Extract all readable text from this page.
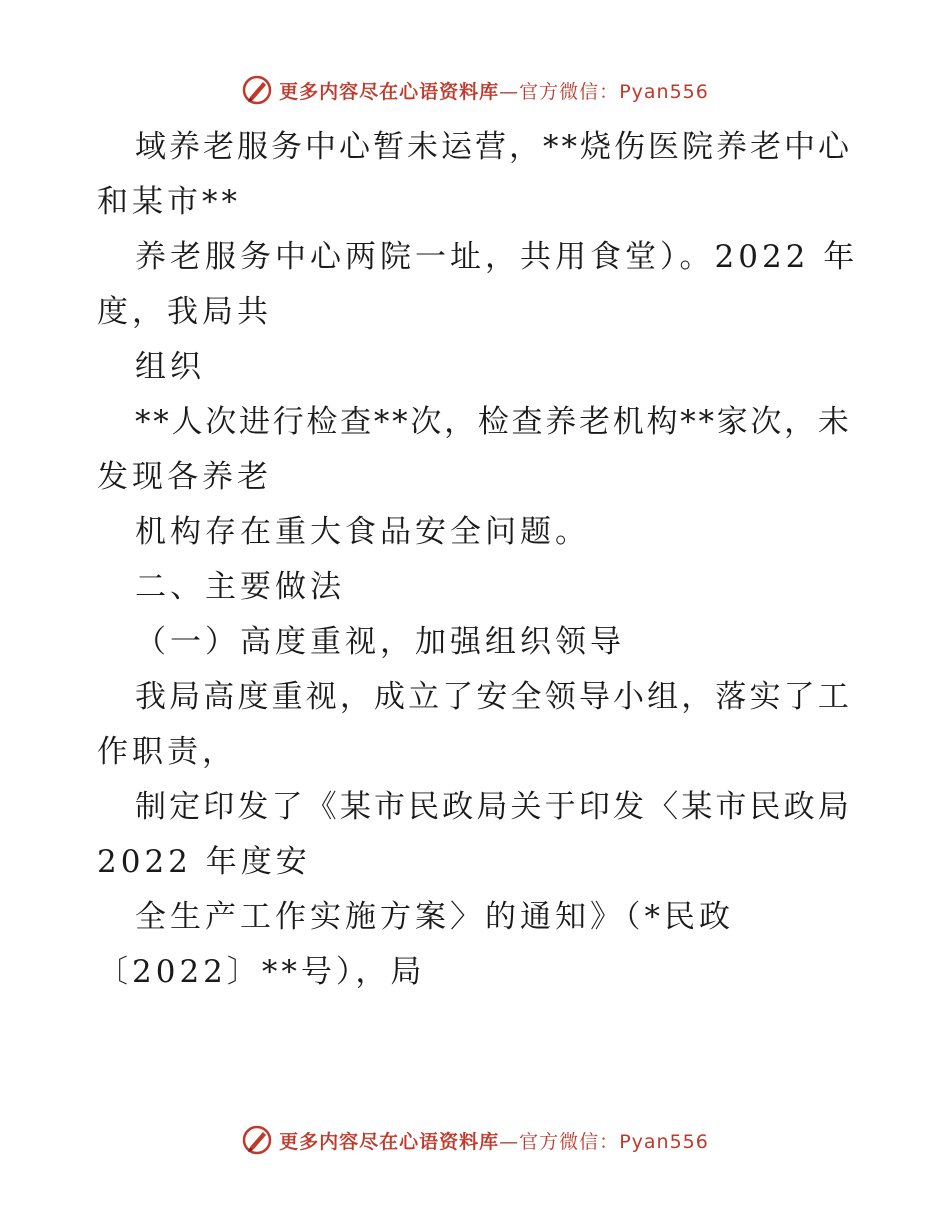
更多内容尽在心语资料库—官方微信：Pyan556
域 养 老 服 务 中 心 暂 未 运 营 ， * * 烧 伤 医 院 养 老 中 心
和某市**
养老服务中心两院一址，共用食堂）。2022 年
度，我局共
组织
* * 人 次 进 行 检 查 * * 次 ， 检 查 养 老 机 构 * * 家 次 ， 未
发现各养老
机构存在重大食品安全问题。
二、主要做法
（一）高度重视，加强组织领导
我 局 高 度 重 视 ， 成 立 了 安 全 领 导 小 组 ， 落 实 了 工
作职责，
制 定 印 发 了 《 某 市 民 政 局 关 于 印 发 〈 某 市 民 政 局
2022 年度安
全生产工作实施方案〉的通知》（*民政
〔2022〕**号），局
更多内容尽在心语资料库—官方微信：Pyan556
